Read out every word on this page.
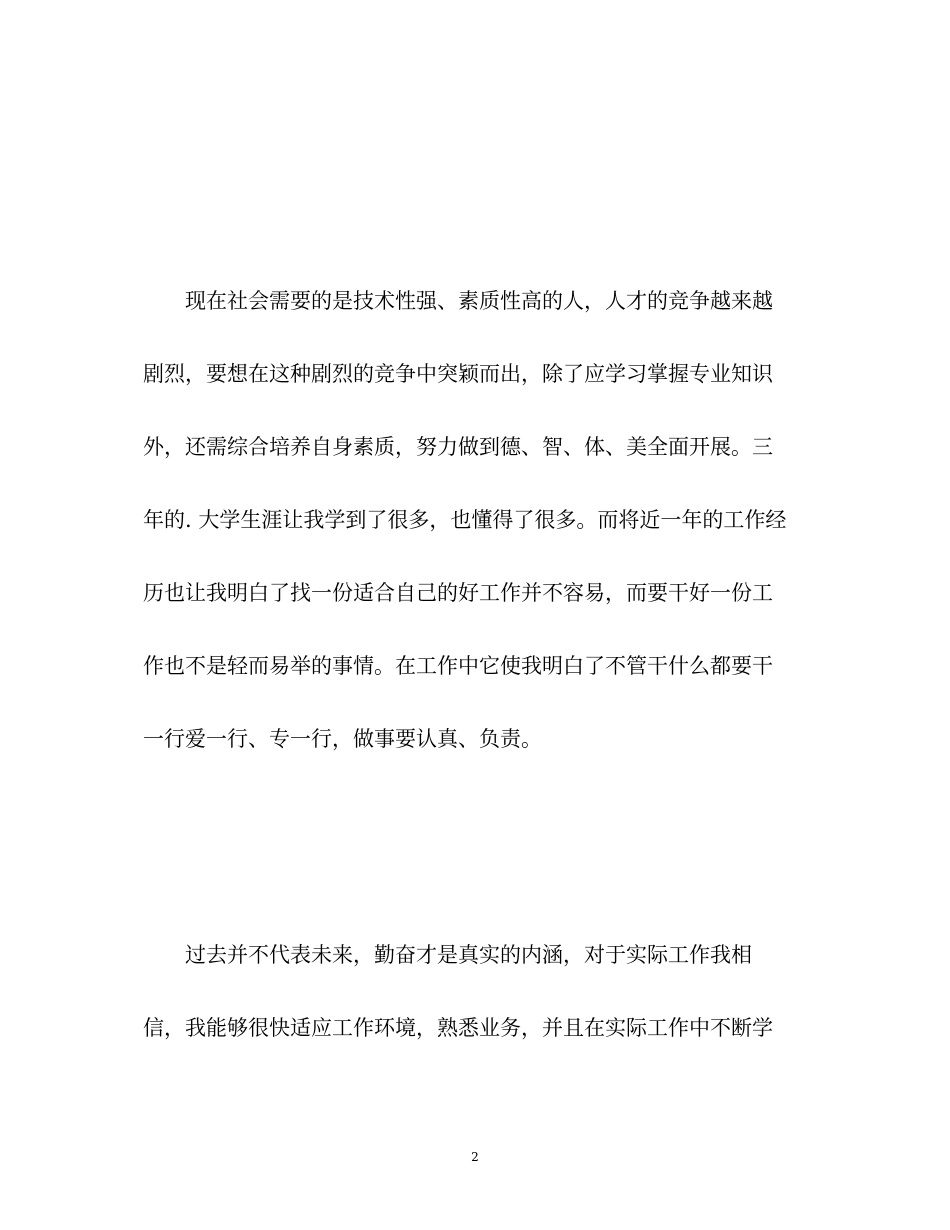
　　现在社会需要的是技术性强、素质性高的人，人才的竞争越来越

剧烈，要想在这种剧烈的竞争中突颖而出，除了应学习掌握专业知识

外，还需综合培养自身素质，努力做到德、智、体、美全面开展。三

年的. 大学生涯让我学到了很多，也懂得了很多。而将近一年的工作经

历也让我明白了找一份适合自己的好工作并不容易，而要干好一份工

作也不是轻而易举的事情。在工作中它使我明白了不管干什么都要干

一行爱一行、专一行，做事要认真、负责。

　　过去并不代表未来，勤奋才是真实的内涵，对于实际工作我相

信，我能够很快适应工作环境，熟悉业务，并且在实际工作中不断学

2
